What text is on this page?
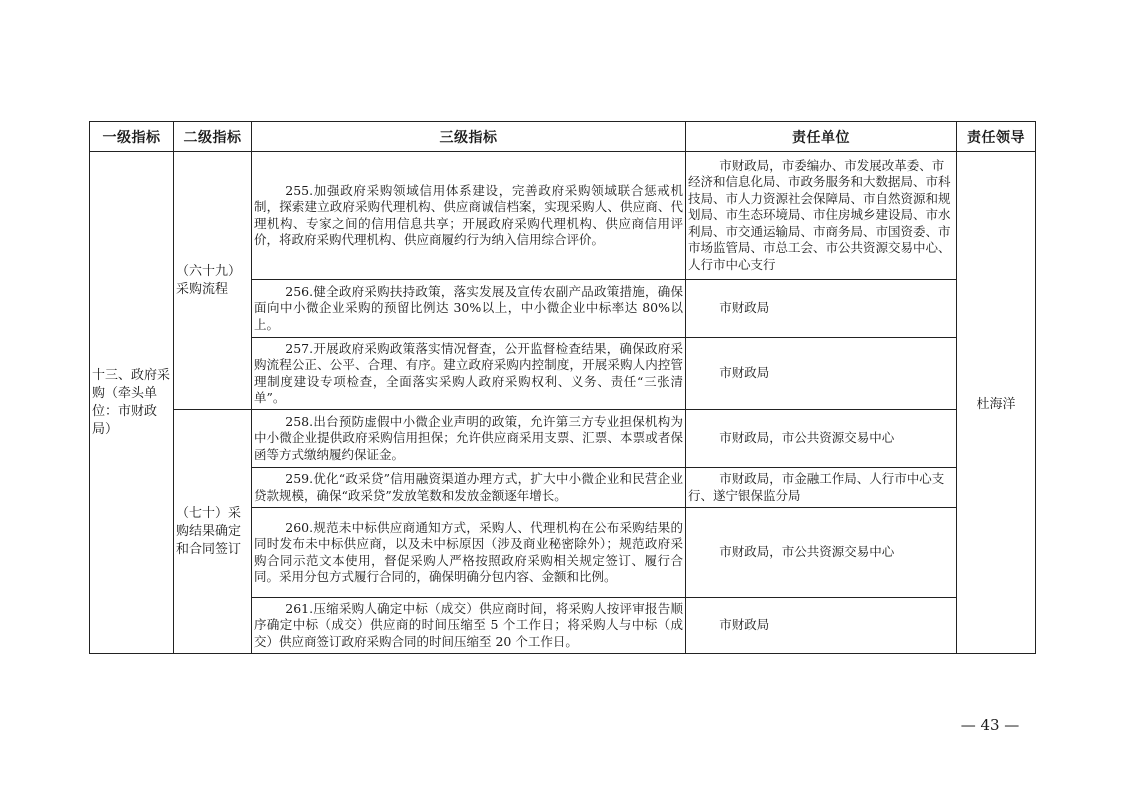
一级指标	二级指标	三级指标	责任单位	责任领导
十三、政府采购（牵头单位：市财政局）	（六十九）采购流程	255.加强政府采购领域信用体系建设，完善政府采购领域联合惩戒机制，探索建立政府采购代理机构、供应商诚信档案，实现采购人、供应商、代理机构、专家之间的信用信息共享；开展政府采购代理机构、供应商信用评价，将政府采购代理机构、供应商履约行为纳入信用综合评价。	市财政局，市委编办、市发展改革委、市经济和信息化局、市政务服务和大数据局、市科技局、市人力资源社会保障局、市自然资源和规划局、市生态环境局、市住房城乡建设局、市水利局、市交通运输局、市商务局、市国资委、市市场监管局、市总工会、市公共资源交易中心、人行市中心支行	杜海洋
		256.健全政府采购扶持政策，落实发展及宣传农副产品政策措施，确保面向中小微企业采购的预留比例达 30%以上，中小微企业中标率达 80%以上。	市财政局	
		257.开展政府采购政策落实情况督查，公开监督检查结果，确保政府采购流程公正、公平、合理、有序。建立政府采购内控制度，开展采购人内控管理制度建设专项检查，全面落实采购人政府采购权利、义务、责任“三张清单”。	市财政局	
	（七十）采购结果确定和合同签订	258.出台预防虚假中小微企业声明的政策，允许第三方专业担保机构为中小微企业提供政府采购信用担保；允许供应商采用支票、汇票、本票或者保函等方式缴纳履约保证金。	市财政局，市公共资源交易中心	
		259.优化“政采贷”信用融资渠道办理方式，扩大中小微企业和民营企业贷款规模，确保“政采贷”发放笔数和发放金额逐年增长。	市财政局，市金融工作局、人行市中心支行、遂宁银保监分局	

		260.规范未中标供应商通知方式，采购人、代理机构在公布采购结果的同时发布未中标供应商，以及未中标原因（涉及商业秘密除外）；规范政府采购合同示范文本使用，督促采购人严格按照政府采购相关规定签订、履行合同。采用分包方式履行合同的，确保明确分包内容、金额和比例。	市财政局，市公共资源交易中心	
		261.压缩采购人确定中标（成交）供应商时间，将采购人按评审报告顺序确定中标（成交）供应商的时间压缩至 5 个工作日；将采购人与中标（成交）供应商签订政府采购合同的时间压缩至 20 个工作日。	市财政局	
— 43 —
